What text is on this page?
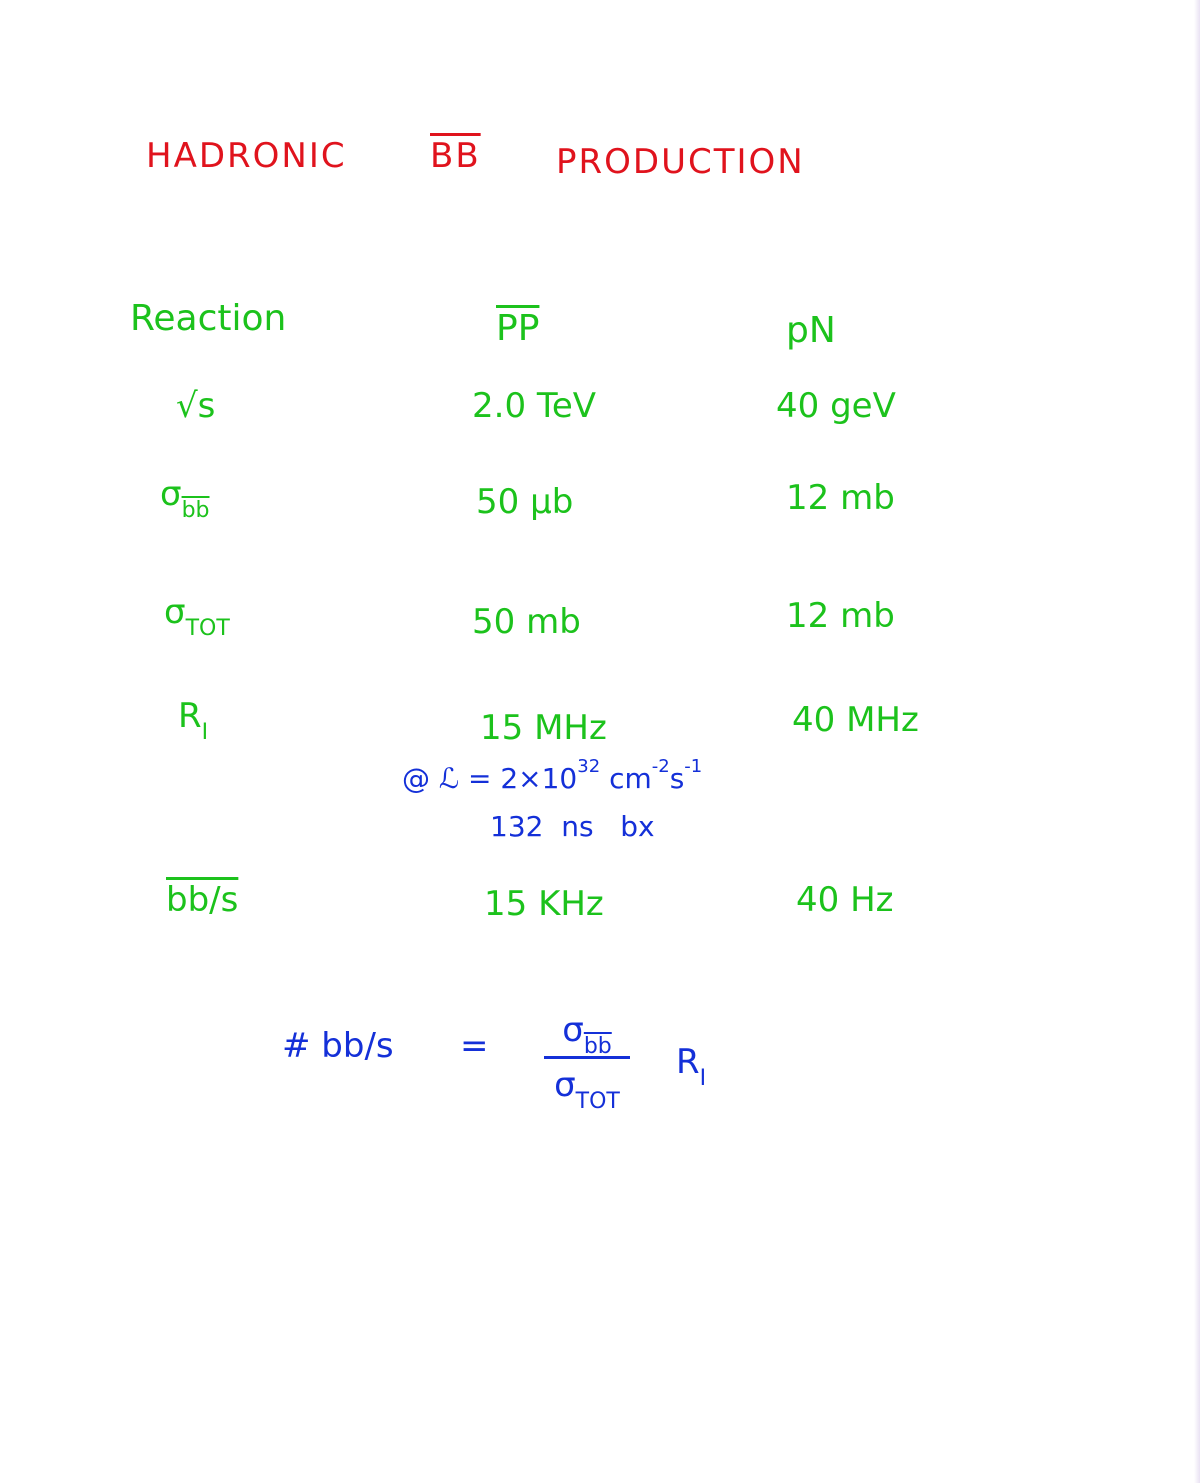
HADRONIC $\overline{BB}$ PRODUCTION
Reaction	$\overline{PP}$	pN
√s	2.0 TeV	40 geV
$\sigma_{\overline{bb}}$	50 μb	12 mb
$\sigma_{TOT}$	50 mb	12 mb
$R_I$	15 MHz	40 MHz
@ ℒ = $2\times 10^{32}$ $cm^{-2}s^{-1}$
132  ns   bx
bb/s	15 KHz	40 Hz
# $bb/s = \sigma_{\overline{bb}}$
$\sigma_{TOT}$
$R_I$
